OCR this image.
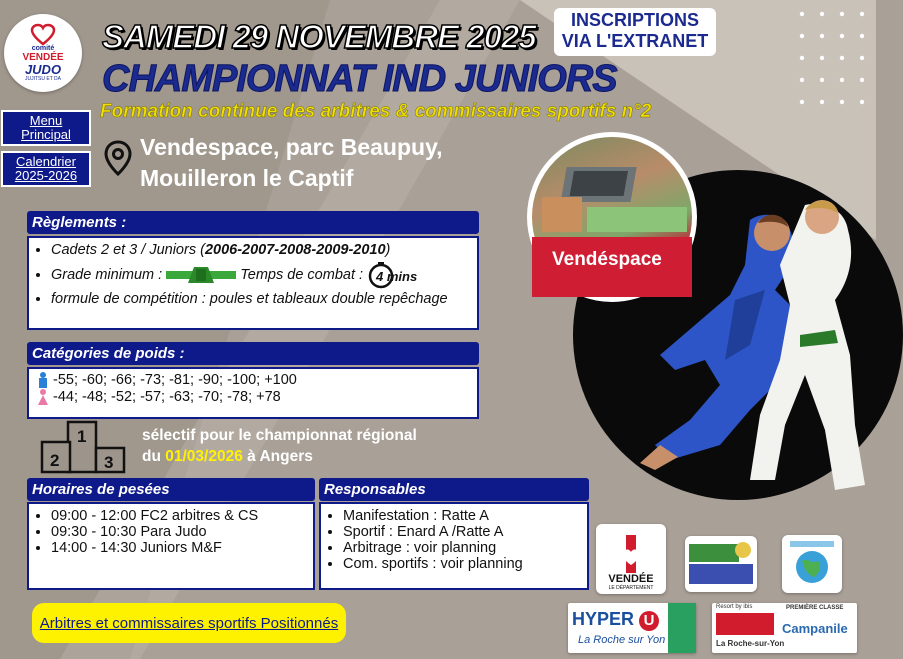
comité
VENDÉE
JUDO
JUJITSU ET DA
Menu
Principal
Calendrier
2025-2026
SAMEDI 29 NOVEMBRE 2025
CHAMPIONNAT IND JUNIORS
Formation continue des arbitres & commissaires sportifs n°2
INSCRIPTIONS
VIA L'EXTRANET
Vendespace, parc Beaupuy,
Mouilleron le Captif
Vendéspace
Règlements :
• Cadets 2 et 3 / Juniors (2006-2007-2008-2009-2010)
• Grade minimum :	Temps de combat : 4 mins
• formule de compétition : poules et tableaux double repêchage
Catégories de poids :
-55; -60; -66; -73; -81; -90; -100; +100
-44; -48; -52; -57; -63; -70; -78; +78
1
2	3
sélectif pour le championnat régional
du 01/03/2026 à Angers
Horaires de pesées
• 09:00 - 12:00 FC2 arbitres & CS
• 09:30 - 10:30 Para Judo
• 14:00 - 14:30 Juniors M&F
Responsables
• Manifestation : Ratte A
• Sportif : Enard A /Ratte A
• Arbitrage : voir planning
• Com. sportifs : voir planning
VENDÉE
LE DÉPARTEMENT
HYPER U
La Roche sur Yon
Resort by ibis
La Roche-sur-Yon
PREMIÈRE CLASSE
Campanile
Arbitres et commissaires sportifs Positionnés
